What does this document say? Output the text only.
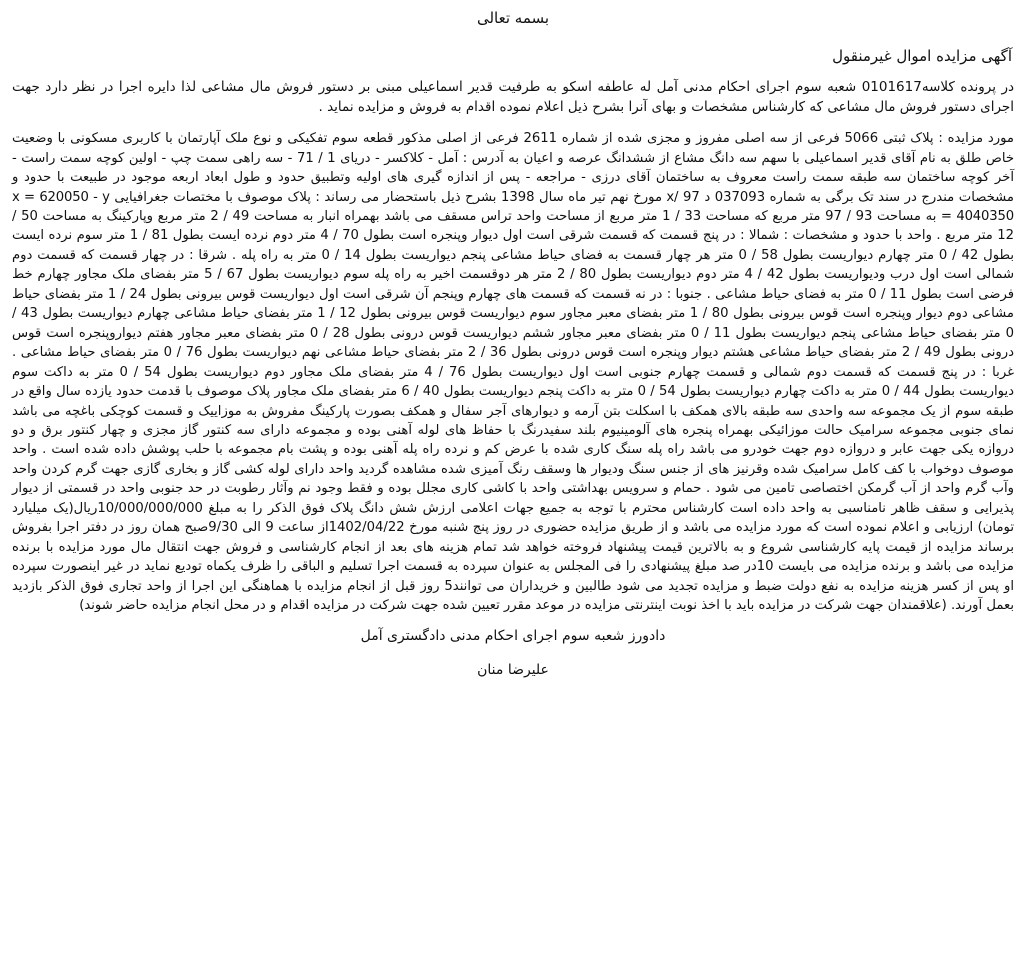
بسمه تعالی
آگهی مزایده اموال غیرمنقول

در پرونده کلاسه0101617 شعبه سوم اجرای احکام مدنی آمل له عاطفه اسکو به طرفیت قدیر اسماعیلی مبنی بر دستور فروش مال مشاعی لذا دایره اجرا در نظر دارد جهت اجرای دستور فروش مال مشاعی که کارشناس مشخصات و بهای آنرا بشرح ذیل اعلام نموده اقدام به فروش و مزایده نماید .

مورد مزایده : پلاک ثبتی 5066 فرعی از سه اصلی مفروز و مجزی شده از شماره 2611 فرعی از اصلی مذکور قطعه سوم تفکیکی و نوع ملک آپارتمان با کاربری مسکونی با وضعیت خاص طلق به نام آقای قدیر اسماعیلی با سهم سه دانگ مشاع از ششدانگ عرصه و اعیان به آدرس : آمل - کلاکسر - دریای 1 / 71 - سه راهی سمت چپ - اولین کوچه سمت راست - آخر کوچه ساختمان سه طبقه سمت راست معروف به ساختمان آقای درزی - مراجعه - پس از اندازه گیری های اولیه وتطبیق حدود و طول ابعاد اربعه موجود در طبیعت با حدود و مشخصات مندرج در سند تک برگی به شماره 037093 د 97 /x مورخ نهم تیر ماه سال 1398 بشرح ذیل باستحضار می رساند : پلاک موصوف با مختصات جغرافیایی x = 620050 - y = 4040350 به مساحت 93 / 97 متر مربع که مساحت 33 / 1 متر مربع از مساحت واحد تراس مسقف می باشد بهمراه انبار به مساحت 49 / 2 متر مربع وپارکینگ به مساحت 50 / 12 متر مربع . واحد با حدود و مشخصات : شمالا : در پنج قسمت که قسمت شرقی است اول دیوار وپنجره است بطول 70 / 4 متر دوم نرده ایست بطول 81 / 1 متر سوم نرده ایست بطول 42 / 0 متر چهارم دیواریست بطول 58 / 0 متر هر چهار قسمت به فضای حیاط مشاعی پنجم دیواریست بطول 14 / 0 متر به راه پله . شرقا : در چهار قسمت که قسمت دوم شمالی است اول درب ودیواریست بطول 42 / 4 متر دوم دیواریست بطول 80 / 2 متر هر دوقسمت اخیر به راه پله سوم دیواریست بطول 67 / 5 متر بفضای ملک مجاور چهارم خط فرضی است بطول 11 / 0 متر به فضای حیاط مشاعی . جنوبا : در نه قسمت که قسمت های چهارم وپنجم آن شرقی است اول دیواریست قوس بیرونی بطول 24 / 1 متر بفضای حیاط مشاعی دوم دیوار وپنجره است قوس بیرونی بطول 80 / 1 متر بفضای معبر مجاور سوم دیواریست قوس بیرونی بطول 12 / 1 متر بفضای حیاط مشاعی چهارم دیواریست بطول 43 / 0 متر بفضای حیاط مشاعی پنجم دیواریست بطول 11 / 0 متر بفضای معبر مجاور ششم دیواریست قوس درونی بطول 28 / 0 متر بفضای معبر مجاور هفتم دیواروپنجره است قوس درونی بطول 49 / 2 متر بفضای حیاط مشاعی هشتم دیوار وپنجره است قوس درونی بطول 36 / 2 متر بفضای حیاط مشاعی نهم دیواریست بطول 76 / 0 متر بفضای حیاط مشاعی . غربا : در پنج قسمت که قسمت دوم شمالی و قسمت چهارم جنوبی است اول دیواریست بطول 76 / 4 متر بفضای ملک مجاور دوم دیواریست بطول 54 / 0 متر به داکت سوم دیواریست بطول 44 / 0 متر به داکت چهارم دیواریست بطول 54 / 0 متر به داکت پنجم دیواریست بطول 40 / 6 متر بفضای ملک مجاور پلاک موصوف با قدمت حدود یازده سال واقع در طبقه سوم از یک مجموعه سه واحدی سه طبقه بالای همکف با اسکلت بتن آرمه و دیوارهای آجر سفال و همکف بصورت پارکینگ مفروش به موزاییک و قسمت کوچکی باغچه می باشد نمای جنوبی مجموعه سرامیک حالت موزائیکی بهمراه پنجره های آلومینیوم بلند سفیدرنگ با حفاظ های لوله آهنی بوده و مجموعه دارای سه کنتور گاز مجزی و چهار کنتور برق و دو دروازه یکی جهت عابر و دروازه دوم جهت خودرو می باشد راه پله سنگ کاری شده با عرض کم و نرده راه پله آهنی بوده و پشت بام مجموعه با حلب پوشش داده شده است . واحد موصوف دوخواب با کف کامل سرامیک شده وقرنیز های از جنس سنگ ودیوار ها وسقف رنگ آمیزی شده مشاهده گردید واحد دارای لوله کشی گاز و بخاری گازی جهت گرم کردن واحد وآب گرم واحد از آب گرمکن اختصاصی تامین می شود . حمام و سرویس بهداشتی واحد با کاشی کاری مجلل بوده و فقط وجود نم وآثار رطوبت در حد جنوبی واحد در قسمتی از دیوار پذیرایی و سقف ظاهر نامناسبی به واحد داده است کارشناس محترم با توجه به جمیع جهات اعلامی ارزش شش دانگ پلاک فوق الذکر را به مبلغ 10/000/000/000ریال(یک میلیارد تومان) ارزیابی و اعلام نموده است که مورد مزایده می باشد و از طریق مزایده حضوری در روز پنج شنبه مورخ 1402/04/22از ساعت 9 الی 9/30صبح همان روز در دفتر اجرا بفروش برساند مزایده از قیمت پایه کارشناسی شروع و به بالاترین قیمت پیشنهاد فروخته خواهد شد تمام هزینه های بعد از انجام کارشناسی و فروش جهت انتقال مال مورد مزایده با برنده مزایده می باشد و برنده مزایده می بایست 10در صد مبلغ پیشنهادی را فی المجلس به عنوان سپرده به قسمت اجرا تسلیم و الباقی را ظرف یکماه تودیع نماید در غیر اینصورت سپرده او پس از کسر هزینه مزایده به نفع دولت ضبط و مزایده تجدید می شود طالبین و خریداران می توانند5 روز قبل از انجام مزایده با هماهنگی این اجرا از واحد تجاری فوق الذکر بازدید بعمل آورند. (علاقمندان جهت شرکت در مزایده باید با اخذ نوبت اینترنتی مزایده در موعد مقرر تعیین شده جهت شرکت در مزایده اقدام و در محل انجام مزایده حاضر شوند)

دادورز شعبه سوم اجرای احکام مدنی دادگستری آمل
علیرضا منان
